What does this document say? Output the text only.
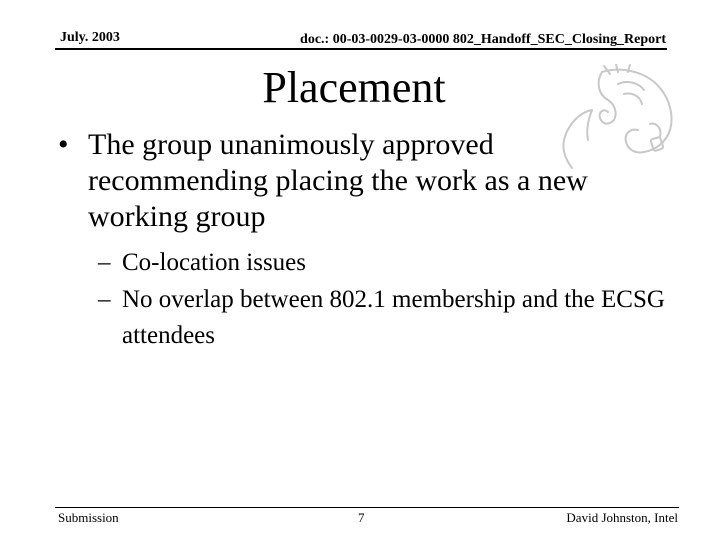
July. 2003	doc.: 00-03-0029-03-0000 802_Handoff_SEC_Closing_Report
Placement
• The group unanimously approved recommending placing the work as a new working group
– Co-location issues
– No overlap between 802.1 membership and the ECSG attendees
Submission	7	David Johnston, Intel
